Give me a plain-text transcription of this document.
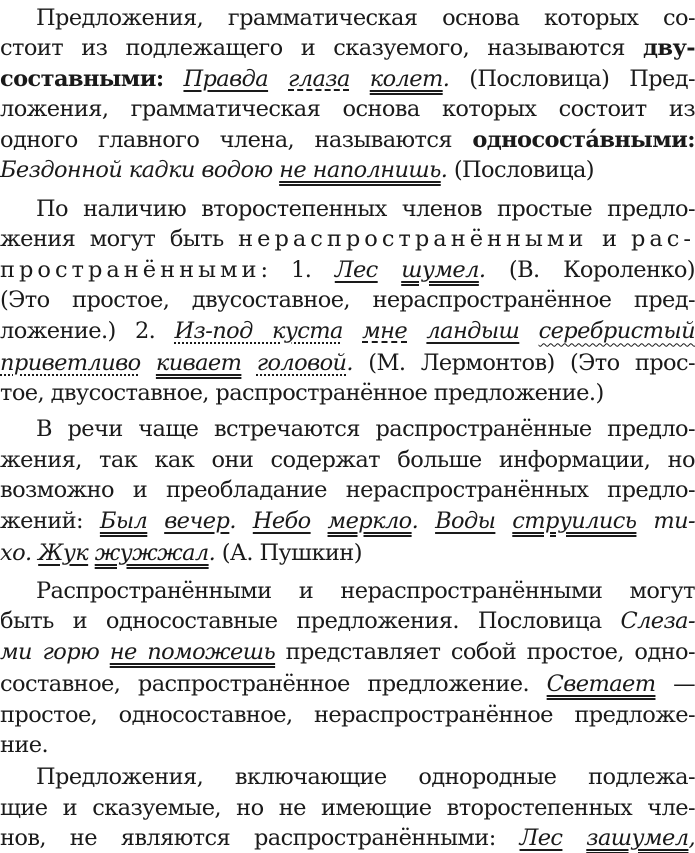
Предложения, грамматическая основа которых со-
стоит из подлежащего и сказуемого, называются дву-
составными: Правда глаза колет. (Пословица) Пред-
ложения, грамматическая основа которых состоит из
одного главного члена, называются однососта́вными:
Бездонной кадки водою не наполнишь. (Пословица)
По наличию второстепенных членов простые предло-
жения могут быть нераспространёнными и рас-
пространёнными: 1. Лес шумел. (В. Короленко)
(Это простое, двусоставное, нераспространённое пред-
ложение.) 2. Из-под куста мне ландыш серебристый
приветливо кивает головой. (М. Лермонтов) (Это прос-
тое, двусоставное, распространённое предложение.)
В речи чаще встречаются распространённые предло-
жения, так как они содержат больше информации, но
возможно и преобладание нераспространённых предло-
жений: Был вечер. Небо меркло. Воды струились ти-
хо. Жук жужжал. (А. Пушкин)
Распространёнными и нераспространёнными могут
быть и односоставные предложения. Пословица Слеза-
ми горю не поможешь представляет собой простое, одно-
составное, распространённое предложение. Светает —
простое, односоставное, нераспространённое предложе-
ние.
Предложения, включающие однородные подлежа-
щие и сказуемые, но не имеющие второстепенных чле-
нов, не являются распространёнными: Лес зашумел,
